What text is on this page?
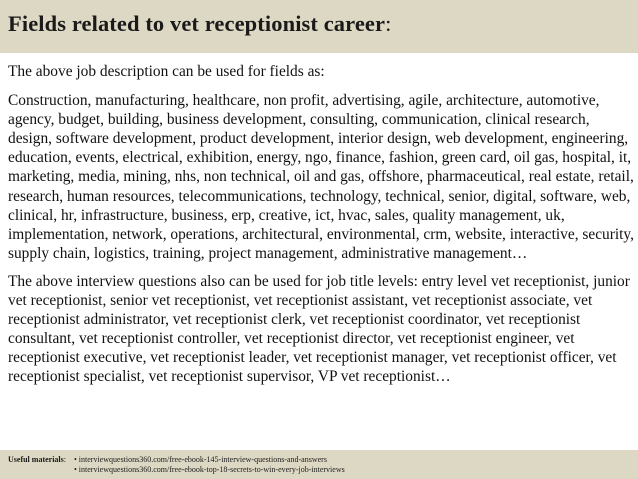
Fields related to vet receptionist career:

The above job description can be used for fields as:

Construction, manufacturing, healthcare, non profit, advertising, agile, architecture, automotive, agency, budget, building, business development, consulting, communication, clinical research, design, software development, product development, interior design, web development, engineering, education, events, electrical, exhibition, energy, ngo, finance, fashion, green card, oil gas, hospital, it, marketing, media, mining, nhs, non technical, oil and gas, offshore, pharmaceutical, real estate, retail, research, human resources, telecommunications, technology, technical, senior, digital, software, web, clinical, hr, infrastructure, business, erp, creative, ict, hvac, sales, quality management, uk, implementation, network, operations, architectural, environmental, crm, website, interactive, security, supply chain, logistics, training, project management, administrative management…

The above interview questions also can be used for job title levels: entry level vet receptionist, junior vet receptionist, senior vet receptionist, vet receptionist assistant, vet receptionist associate, vet receptionist administrator, vet receptionist clerk, vet receptionist coordinator, vet receptionist consultant, vet receptionist controller, vet receptionist director, vet receptionist engineer, vet receptionist executive, vet receptionist leader, vet receptionist manager, vet receptionist officer, vet receptionist specialist, vet receptionist supervisor, VP vet receptionist…

Useful materials:	• interviewquestions360.com/free-ebook-145-interview-questions-and-answers
• interviewquestions360.com/free-ebook-top-18-secrets-to-win-every-job-interviews
